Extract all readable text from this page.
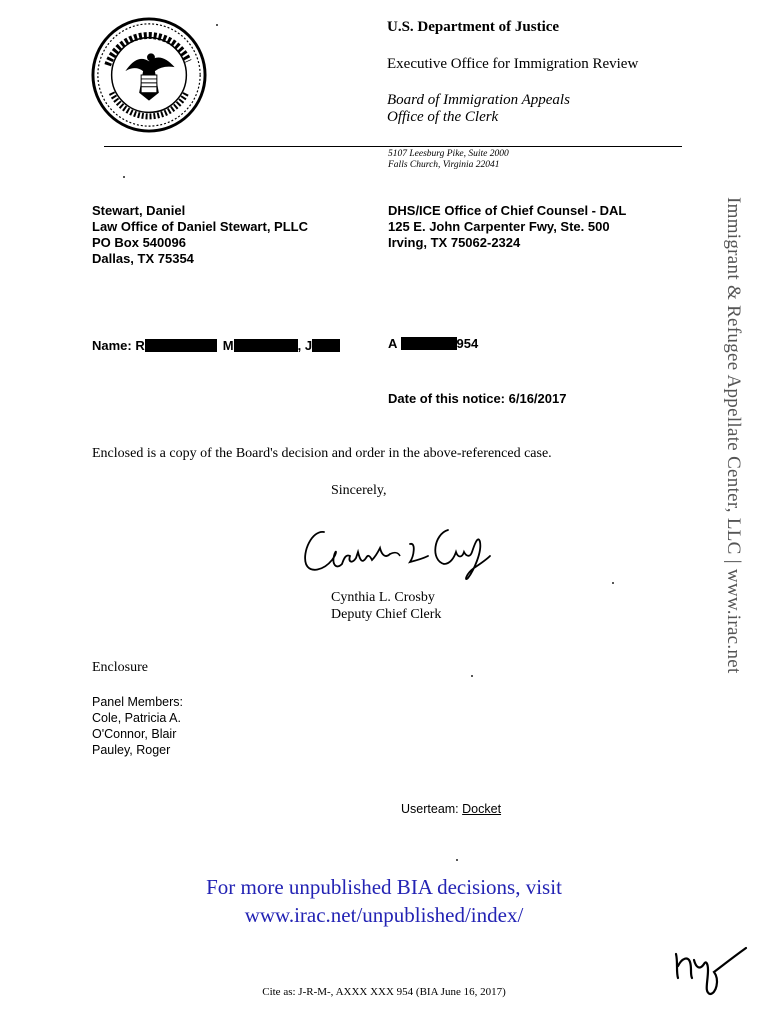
U.S. Department of Justice
Executive Office for Immigration Review
Board of Immigration Appeals
Office of the Clerk
5107 Leesburg Pike, Suite 2000
Falls Church, Virginia 22041
Stewart, Daniel
Law Office of Daniel Stewart, PLLC
PO Box 540096
Dallas, TX 75354
DHS/ICE Office of Chief Counsel - DAL
125 E. John Carpenter Fwy, Ste. 500
Irving, TX 75062-2324
Name: R	M	, J	A	954
Date of this notice: 6/16/2017
Enclosed is a copy of the Board's decision and order in the above-referenced case.
Sincerely,
Cynthia L. Crosby
Deputy Chief Clerk
Enclosure
Panel Members:
Cole, Patricia A.
O'Connor, Blair
Pauley, Roger
Userteam: Docket
For more unpublished BIA decisions, visit
www.irac.net/unpublished/index/
Cite as: J-R-M-, AXXX XXX 954 (BIA June 16, 2017)
Immigrant & Refugee Appellate Center, LLC | www.irac.net
